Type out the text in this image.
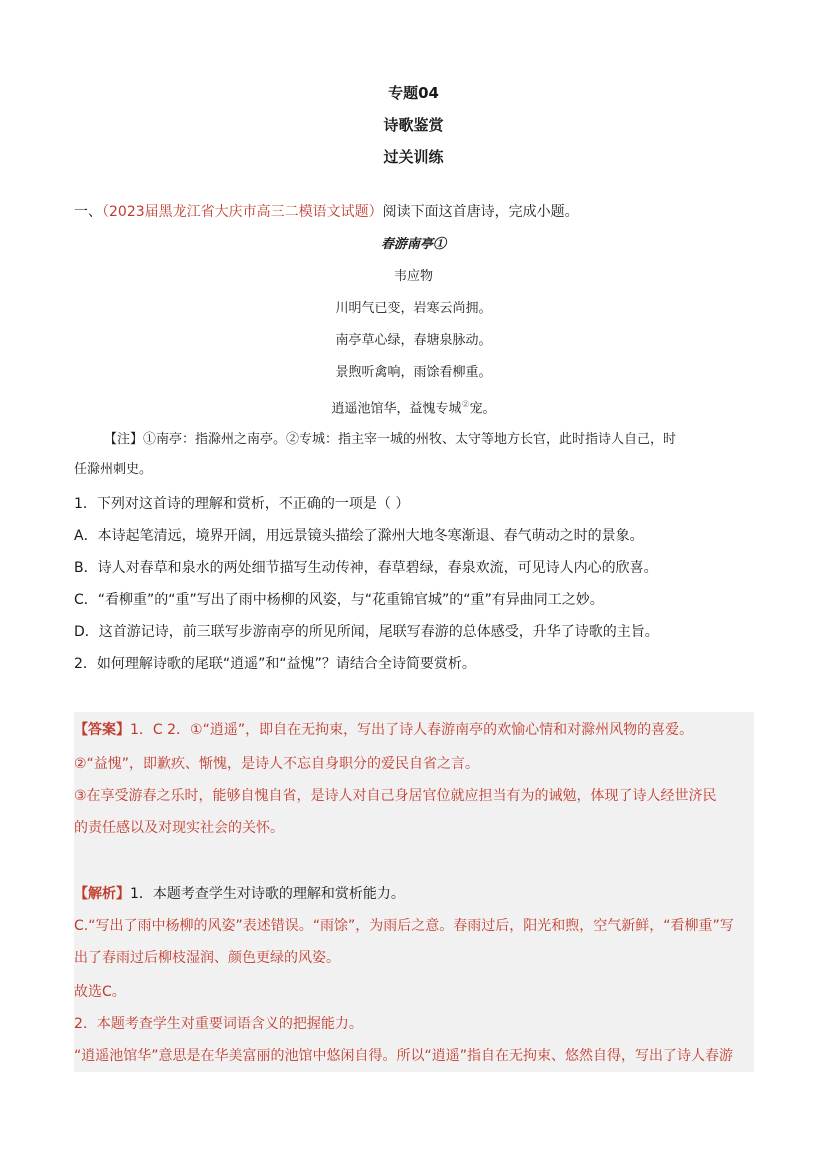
专题04
诗歌鉴赏
过关训练
一、（2023届黑龙江省大庆市高三二模语文试题）阅读下面这首唐诗，完成小题。
春游南亭①
韦应物
川明气已变，岩寒云尚拥。
南亭草心绿，春塘泉脉动。
景煦听禽响，雨馀看柳重。
逍遥池馆华，益愧专城②宠。
【注】①南亭：指滁州之南亭。②专城：指主宰一城的州牧、太守等地方长官，此时指诗人自己，时
任滁州刺史。
1．下列对这首诗的理解和赏析，不正确的一项是（ ）
A．本诗起笔清远，境界开阔，用远景镜头描绘了滁州大地冬寒渐退、春气萌动之时的景象。
B．诗人对春草和泉水的两处细节描写生动传神，春草碧绿，春泉欢流，可见诗人内心的欣喜。
C．“看柳重”的“重”写出了雨中杨柳的风姿，与“花重锦官城”的“重”有异曲同工之妙。
D．这首游记诗，前三联写步游南亭的所见所闻，尾联写春游的总体感受，升华了诗歌的主旨。
2．如何理解诗歌的尾联“逍遥”和“益愧”？请结合全诗简要赏析。
【答案】1．C 2．①“逍遥”，即自在无拘束，写出了诗人春游南亭的欢愉心情和对滁州风物的喜爱。
②“益愧”，即歉疚、惭愧，是诗人不忘自身职分的爱民自省之言。
③在享受游春之乐时，能够自愧自省，是诗人对自己身居官位就应担当有为的诫勉，体现了诗人经世济民
的责任感以及对现实社会的关怀。
【解析】1．本题考查学生对诗歌的理解和赏析能力。
C.“写出了雨中杨柳的风姿”表述错误。“雨馀”，为雨后之意。春雨过后，阳光和煦，空气新鲜，“看柳重”写
出了春雨过后柳枝湿润、颜色更绿的风姿。
故选C。
2．本题考查学生对重要词语含义的把握能力。
“逍遥池馆华”意思是在华美富丽的池馆中悠闲自得。所以“逍遥”指自在无拘束、悠然自得，写出了诗人春游
